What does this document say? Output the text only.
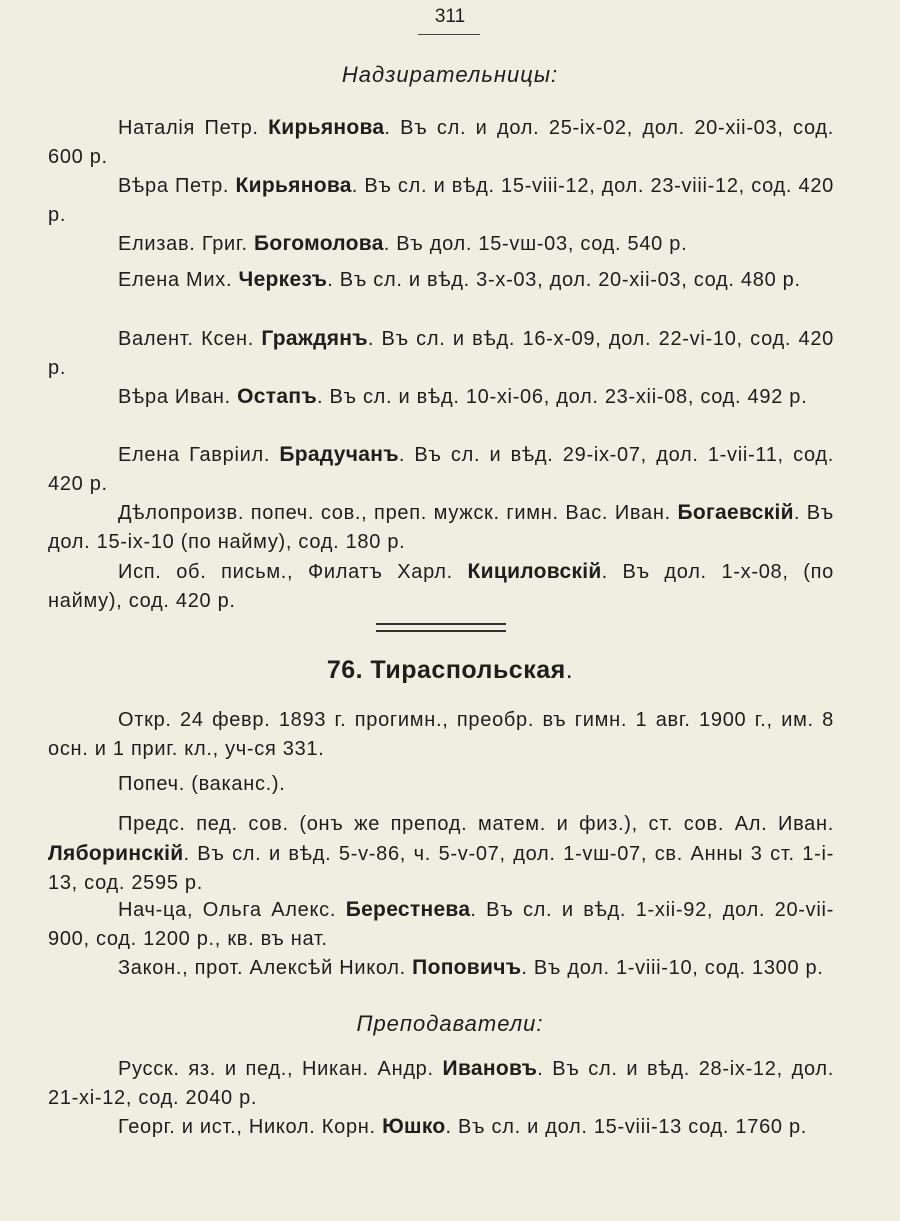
311
Надзирательницы:
Наталія Петр. Кирьянова. Въ сл. и дол. 25-ix-02, дол. 20-xii-03, сод. 600 р.
Вѣра Петр. Кирьянова. Въ сл. и вѣд. 15-viii-12, дол. 23-viii-12, сод. 420 р.
Елизав. Григ. Богомолова. Въ дол. 15-vш-03, сод. 540 р.
Елена Мих. Черкезъ. Въ сл. и вѣд. 3-x-03, дол. 20-xii-03, сод. 480 р.
Валент. Ксен. Граждянъ. Въ сл. и вѣд. 16-x-09, дол. 22-vi-10, сод. 420 р.
Вѣра Иван. Остапъ. Въ сл. и вѣд. 10-xi-06, дол. 23-xii-08, сод. 492 р.
Елена Гавріил. Брадучанъ. Въ сл. и вѣд. 29-ix-07, дол. 1-vii-11, сод. 420 р.
Дѣлопроизв. попеч. сов., преп. мужск. гимн. Вас. Иван. Богаевскій. Въ дол. 15-ix-10 (по найму), сод. 180 р.
Исп. об. письм., Филатъ Харл. Кициловскій. Въ дол. 1-x-08, (по найму), сод. 420 р.
76. Тираспольская.
Откр. 24 февр. 1893 г. прогимн., преобр. въ гимн. 1 авг. 1900 г., им. 8 осн. и 1 приг. кл., уч-ся 331.
Попеч. (ваканс.).
Предс. пед. сов. (онъ же препод. матем. и физ.), ст. сов. Ал. Иван. Ляборинскій. Въ сл. и вѣд. 5-v-86, ч. 5-v-07, дол. 1-vш-07, св. Анны 3 ст. 1-i-13, сод. 2595 р.
Нач-ца, Ольга Алекс. Берестнева. Въ сл. и вѣд. 1-xii-92, дол. 20-vii-900, сод. 1200 р., кв. въ нат.
Закон., прот. Алексѣй Никол. Поповичъ. Въ дол. 1-viii-10, сод. 1300 р.
Преподаватели:
Русск. яз. и пед., Никан. Андр. Ивановъ. Въ сл. и вѣд. 28-ix-12, дол. 21-xi-12, сод. 2040 р.
Георг. и ист., Никол. Корн. Юшко. Въ сл. и дол. 15-viii-13 сод. 1760 р.
